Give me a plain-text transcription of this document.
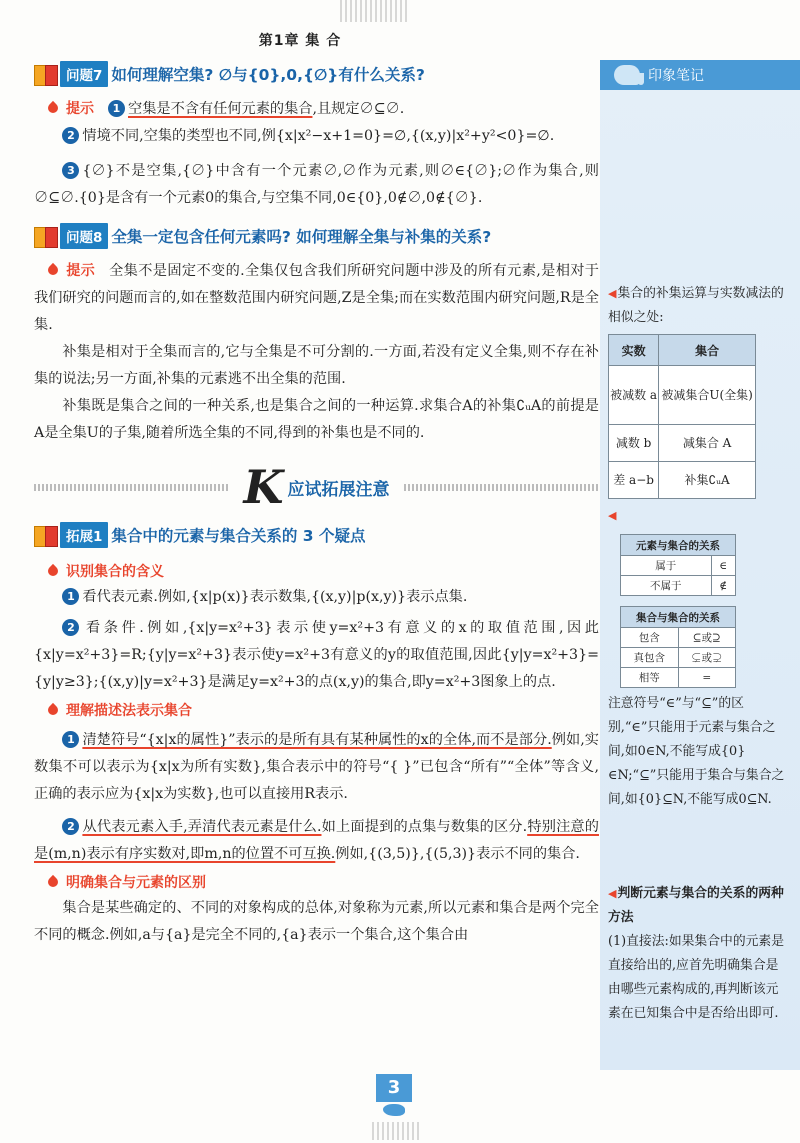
第1章 集 合
问题7 如何理解空集? ∅与{0},0,{∅}有什么关系?
提示	1 空集是不含有任何元素的集合,且规定∅⊆∅.

2 情境不同,空集的类型也不同,例{x|x²−x+1=0}=∅,{(x,y)|x²+y²<0}=∅.

3 {∅}不是空集,{∅}中含有一个元素∅,∅作为元素,则∅∈{∅};∅作为集合,则∅⊆∅.{0}是含有一个元素0的集合,与空集不同,0∈{0},0∉∅,0∉{∅}.

问题8 全集一定包含任何元素吗? 如何理解全集与补集的关系?

提示 全集不是固定不变的.全集仅包含我们所研究问题中涉及的所有元素,是相对于我们研究的问题而言的,如在整数范围内研究问题,Z是全集;而在实数范围内研究问题,R是全集.

补集是相对于全集而言的,它与全集是不可分割的.一方面,若没有定义全集,则不存在补集的说法;另一方面,补集的元素逃不出全集的范围.

补集既是集合之间的一种关系,也是集合之间的一种运算.求集合A的补集∁ᵤA的前提是A是全集U的子集,随着所选全集的不同,得到的补集也是不同的.

K 应试拓展注意
拓展1 集合中的元素与集合关系的 3 个疑点
识别集合的含义

1 看代表元素.例如,{x|p(x)}表示数集,{(x,y)|p(x,y)}表示点集.

2 看条件.例如,{x|y=x²+3}表示使y=x²+3有意义的x的取值范围,因此{x|y=x²+3}=R;{y|y=x²+3}表示使y=x²+3有意义的y的取值范围,因此{y|y=x²+3}={y|y≥3};{(x,y)|y=x²+3}是满足y=x²+3的点(x,y)的集合,即y=x²+3图象上的点.

理解描述法表示集合

1 清楚符号“{x|x的属性}”表示的是所有具有某种属性的x的全体,而不是部分.例如,实数集不可以表示为{x|x为所有实数},集合表示中的符号“{ }”已包含“所有”“全体”等含义,正确的表示应为{x|x为实数},也可以直接用R表示.

2 从代表元素入手,弄清代表元素是什么.如上面提到的点集与数集的区分.特别注意的是(m,n)表示有序实数对,即m,n的位置不可互换.例如,{(3,5)},{(5,3)}表示不同的集合.

明确集合与元素的区别

集合是某些确定的、不同的对象构成的总体,对象称为元素,所以元素和集合是两个完全不同的概念.例如,a与{a}是完全不同的,{a}表示一个集合,这个集合由

印象笔记
◀集合的补集运算与实数减法的相似之处:
实数	集合
被减数 a	被减集合U(全集)
减数 b	减集合 A
差 a−b	补集∁ᵤA
◀
元素与集合的关系	
属于	∈
不属于	∉
集合与集合的关系	
包含	⊆或⊇
真包含	⊊或⊋
相等	=
注意符号“∈”与“⊆”的区别,“∈”只能用于元素与集合之间,如0∈N,不能写成{0}∈N;“⊆”只能用于集合与集合之间,如{0}⊆N,不能写成0⊆N.
◀判断元素与集合的关系的两种方法
(1)直接法:如果集合中的元素是直接给出的,应首先明确集合是由哪些元素构成的,再判断该元素在已知集合中是否给出即可.
3
